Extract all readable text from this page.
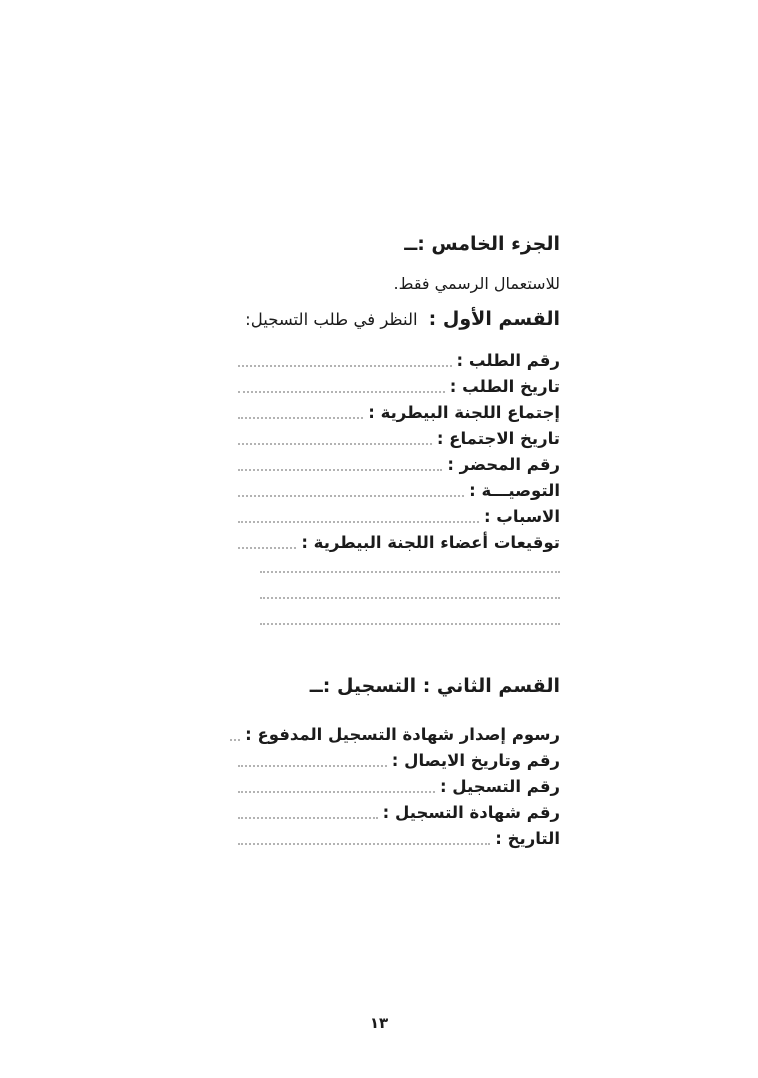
الجزء الخامس :ــ
للاستعمال الرسمي فقط.
القسم الأول : النظر في طلب التسجيل:
رقم الطلب :
تاريخ الطلب :
إجتماع اللجنة البيطرية :
تاريخ الاجتماع :
رقم المحضر :
التوصيـــة :
الاسباب :
توقيعات أعضاء اللجنة البيطرية :
القسم الثاني : التسجيل :ــ
رسوم إصدار شهادة التسجيل المدفوع :
رقم وتاريخ الايصال :
رقم التسجيل :
رقم شهادة التسجيل :
التاريخ :
١٣
